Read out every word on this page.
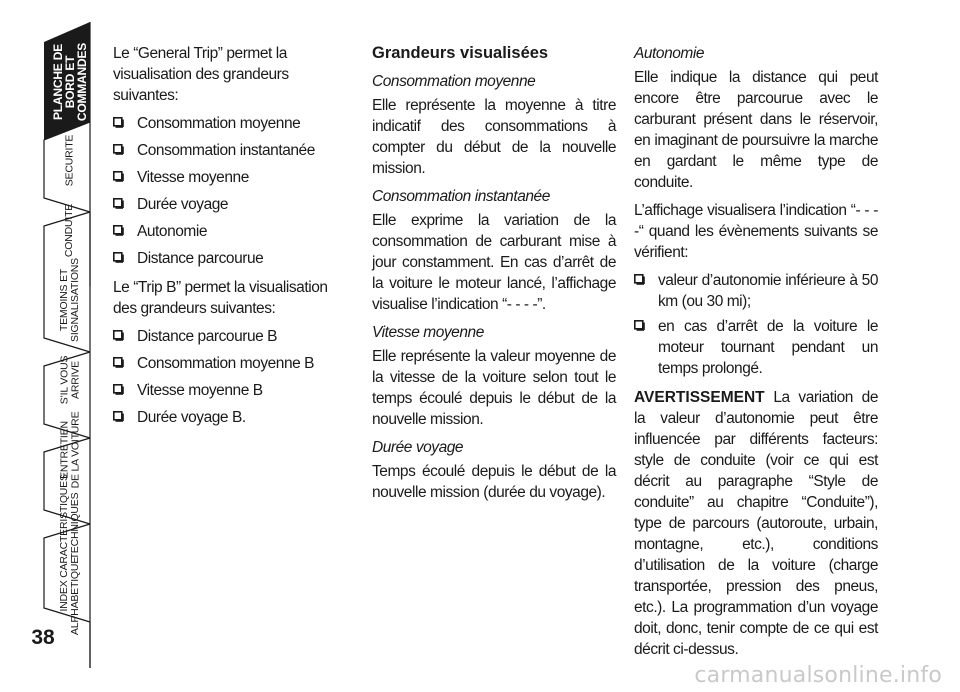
PLANCHE DE
BORD ET
COMMANDES
SECURITE
CONDUITE
TEMOINS ET
SIGNALISATIONS
S’IL VOUS
ARRIVE
ENTRETIEN
DE LA VOITURE
CARACTERISTIQUES
TECHNIQUES
INDEX
ALPHABETIQUE
38

Le “General Trip” permet la visualisation des grandeurs suivantes:

Consommation moyenne
Consommation instantanée
Vitesse moyenne
Durée voyage
Autonomie
Distance parcourue

Le “Trip B” permet la visualisation des grandeurs suivantes:

Distance parcourue B
Consommation moyenne B
Vitesse moyenne B
Durée voyage B.

Grandeurs visualisées

Consommation moyenne

Elle représente la moyenne à titre indicatif des consommations à compter du début de la nouvelle mission.

Consommation instantanée

Elle exprime la variation de la consommation de carburant mise à jour constamment. En cas d’arrêt de la voiture le moteur lancé, l’affichage visualise l’indication “- - - -”.

Vitesse moyenne

Elle représente la valeur moyenne de la vitesse de la voiture selon tout le temps écoulé depuis le début de la nouvelle mission.

Durée voyage

Temps écoulé depuis le début de la nouvelle mission (durée du voyage).

Autonomie

Elle indique la distance qui peut encore être parcourue avec le carburant présent dans le réservoir, en imaginant de poursuivre la marche en gardant le même type de conduite.

L’affichage visualisera l’indication “- - - -“ quand les évènements suivants se vérifient:

valeur d’autonomie inférieure à 50 km (ou 30 mi);
en cas d’arrêt de la voiture le moteur tournant pendant un temps prolongé.

AVERTISSEMENT La variation de la valeur d’autonomie peut être influencée par différents facteurs: style de conduite (voir ce qui est décrit au paragraphe “Style de conduite” au chapitre “Conduite”), type de parcours (autoroute, urbain, montagne, etc.), conditions d’utilisation de la voiture (charge transportée, pression des pneus, etc.). La programmation d’un voyage doit, donc, tenir compte de ce qui est décrit ci-dessus.

carmanualsonline.info
